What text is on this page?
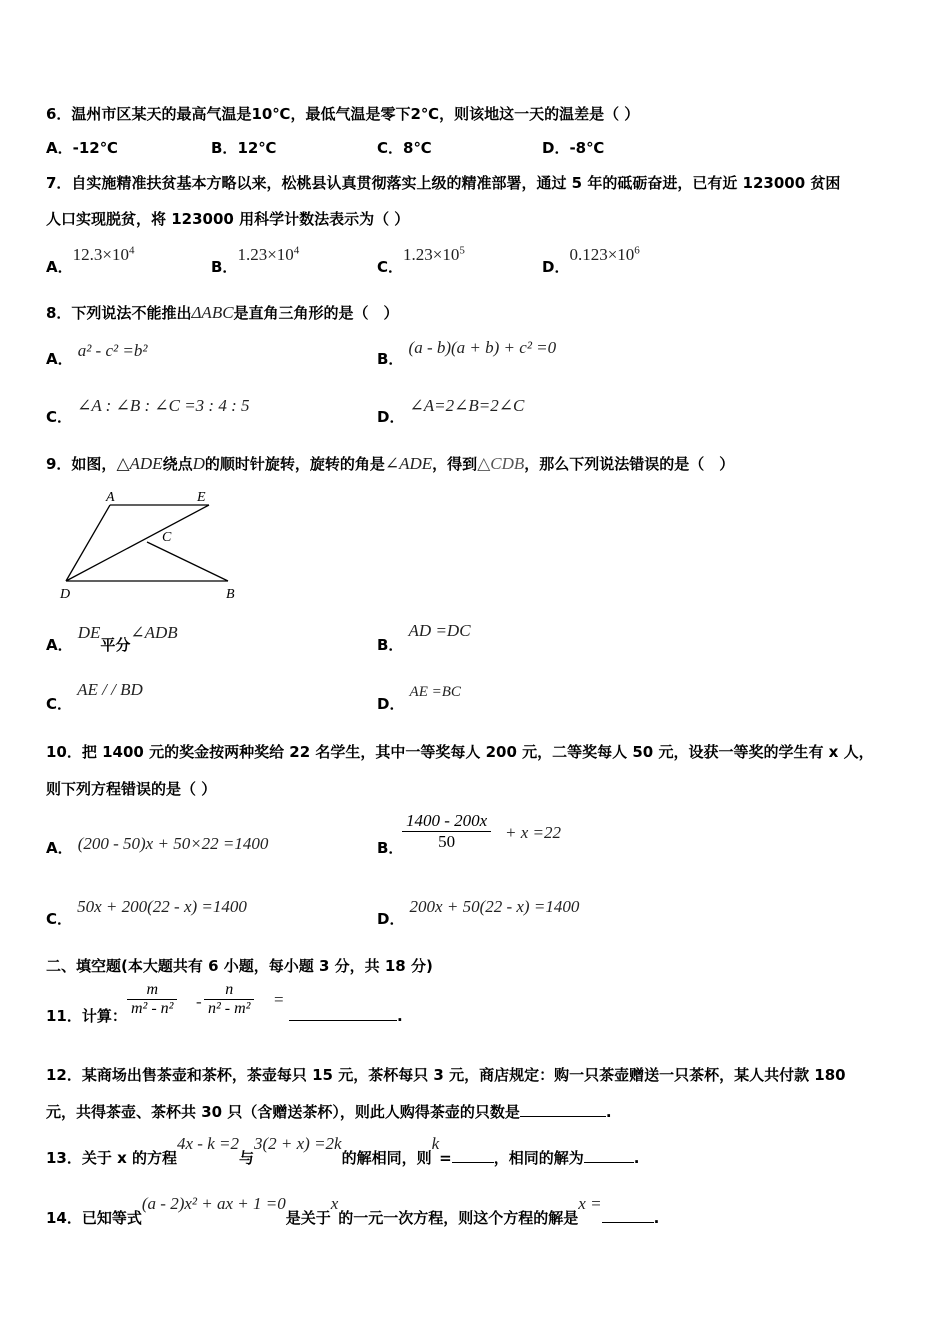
6．温州市区某天的最高气温是10℃，最低气温是零下2℃，则该地这一天的温差是（ ）
A．-12℃	B．12℃	C．8℃	D．-8℃
7．自实施精准扶贫基本方略以来，松桃县认真贯彻落实上级的精准部署，通过 5 年的砥砺奋进，已有近 123000 贫困
人口实现脱贫，将 123000 用科学计数法表示为（ ）
A．$12.3\times 10^4$
B．$1.23\times 10^4$
C．$1.23\times 10^5$
D．$0.123\times 10^6$
8．下列说法不能推出ΔABC是直角三角形的是（　）
A． a² - c² =b²	B． (a - b)(a + b) + c² =0
C． ∠A : ∠B : ∠C =3 : 4 : 5
D． ∠A=2∠B=2∠C
9．如图，△ADE绕点D的顺时针旋转，旋转的角是∠ADE，得到△CDB，那么下列说法错误的是（　）
A	E
C
D	B
A． DE平分∠ADB
B． AD =DC
C． AE / / BD
D． AE =BC
10．把 1400 元的奖金按两种奖给 22 名学生，其中一等奖每人 200 元，二等奖每人 50 元，设获一等奖的学生有 x 人，
则下列方程错误的是（ ）
A． (200 - 50)x + 50×22 =1400	B．
$\frac{1400 - 200x}{50} + x =22$
C． 50x + 200(22 - x) =1400
D． 200x + 50(22 - x) =1400
二、填空题(本大题共有 6 小题，每小题 3 分，共 18 分)
11．计算： $\frac{m}{\text{m² - n²}} - \frac{n}{\text{n² - m²}}$ =
.
12．某商场出售茶壶和茶杯，茶壶每只 15 元，茶杯每只 3 元，商店规定：购一只茶壶赠送一只茶杯，某人共付款 180
元，共得茶壶、茶杯共 30 只（含赠送茶杯），则此人购得茶壶的只数是	.
13．关于 x 的方程4x - k =2与3(2 + x) =2k的解相同，则k=	，相同的解为	.
14．已知等式(a - 2)x² + ax + 1 =0是关于x的一元一次方程，则这个方程的解是x =.
